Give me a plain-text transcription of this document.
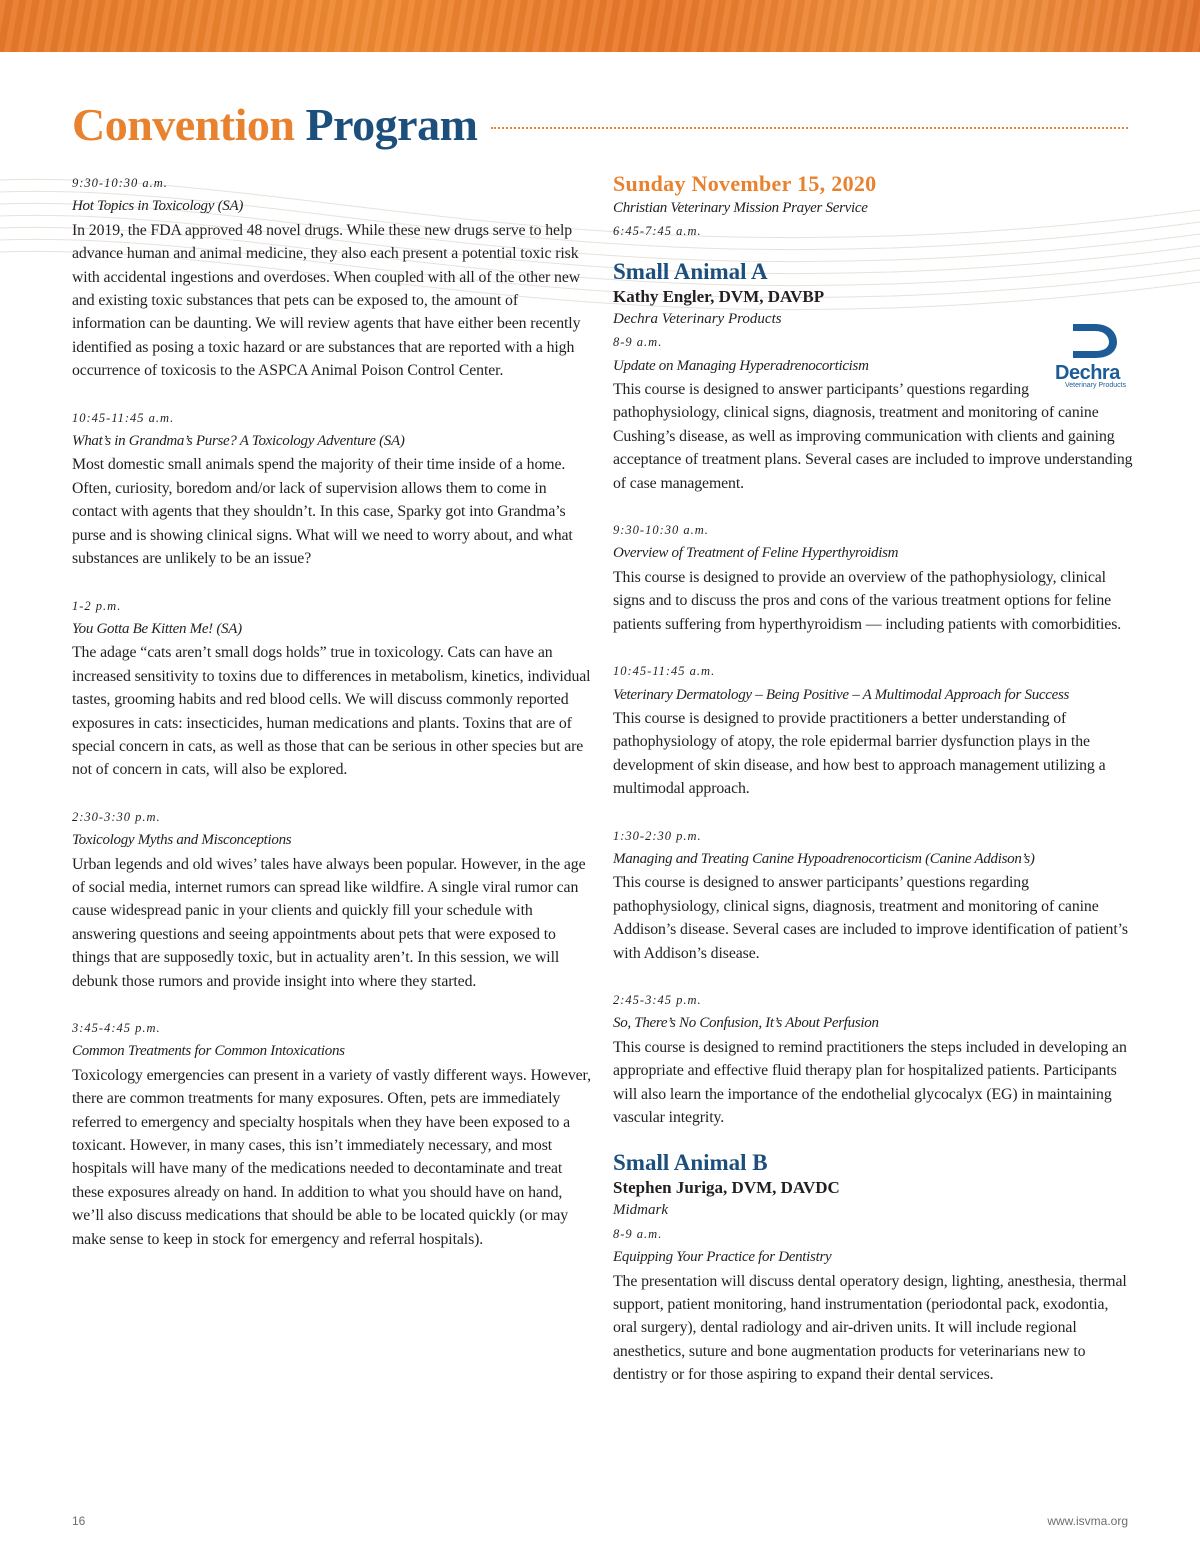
Convention Program
9:30-10:30 a.m.
Hot Topics in Toxicology (SA)
In 2019, the FDA approved 48 novel drugs. While these new drugs serve to help advance human and animal medicine, they also each present a potential toxic risk with accidental ingestions and overdoses. When coupled with all of the other new and existing toxic substances that pets can be exposed to, the amount of information can be daunting. We will review agents that have either been recently identified as posing a toxic hazard or are substances that are reported with a high occurrence of toxicosis to the ASPCA Animal Poison Control Center.
10:45-11:45 a.m.
What’s in Grandma’s Purse? A Toxicology Adventure (SA)
Most domestic small animals spend the majority of their time inside of a home. Often, curiosity, boredom and/or lack of supervision allows them to come in contact with agents that they shouldn’t. In this case, Sparky got into Grandma’s purse and is showing clinical signs. What will we need to worry about, and what substances are unlikely to be an issue?
1-2 p.m.
You Gotta Be Kitten Me! (SA)
The adage “cats aren’t small dogs holds” true in toxicology. Cats can have an increased sensitivity to toxins due to differences in metabolism, kinetics, individual tastes, grooming habits and red blood cells. We will discuss commonly reported exposures in cats: insecticides, human medications and plants. Toxins that are of special concern in cats, as well as those that can be serious in other species but are not of concern in cats, will also be explored.
2:30-3:30 p.m.
Toxicology Myths and Misconceptions
Urban legends and old wives’ tales have always been popular. However, in the age of social media, internet rumors can spread like wildfire. A single viral rumor can cause widespread panic in your clients and quickly fill your schedule with answering questions and seeing appointments about pets that were exposed to things that are supposedly toxic, but in actuality aren’t. In this session, we will debunk those rumors and provide insight into where they started.
3:45-4:45 p.m.
Common Treatments for Common Intoxications
Toxicology emergencies can present in a variety of vastly different ways. However, there are common treatments for many exposures. Often, pets are immediately referred to emergency and specialty hospitals when they have been exposed to a toxicant. However, in many cases, this isn’t immediately necessary, and most hospitals will have many of the medications needed to decontaminate and treat these exposures already on hand. In addition to what you should have on hand, we’ll also discuss medications that should be able to be located quickly (or may make sense to keep in stock for emergency and referral hospitals).
Sunday November 15, 2020
Christian Veterinary Mission Prayer Service
6:45-7:45 a.m.
Small Animal A
Kathy Engler, DVM, DAVBP
Dechra Veterinary Products
8-9 a.m.
Update on Managing Hyperadrenocorticism
This course is designed to answer participants’ questions regarding pathophysiology, clinical signs, diagnosis, treatment and monitoring of canine Cushing’s disease, as well as improving communication with clients and gaining acceptance of treatment plans. Several cases are included to improve understanding of case management.
9:30-10:30 a.m.
Overview of Treatment of Feline Hyperthyroidism
This course is designed to provide an overview of the pathophysiology, clinical signs and to discuss the pros and cons of the various treatment options for feline patients suffering from hyperthyroidism — including patients with comorbidities.
10:45-11:45 a.m.
Veterinary Dermatology – Being Positive – A Multimodal Approach for Success
This course is designed to provide practitioners a better understanding of pathophysiology of atopy, the role epidermal barrier dysfunction plays in the development of skin disease, and how best to approach management utilizing a multimodal approach.
1:30-2:30 p.m.
Managing and Treating Canine Hypoadrenocorticism (Canine Addison’s)
This course is designed to answer participants’ questions regarding pathophysiology, clinical signs, diagnosis, treatment and monitoring of canine Addison’s disease. Several cases are included to improve identification of patient’s with Addison’s disease.
2:45-3:45 p.m.
So, There’s No Confusion, It’s About Perfusion
This course is designed to remind practitioners the steps included in developing an appropriate and effective fluid therapy plan for hospitalized patients. Participants will also learn the importance of the endothelial glycocalyx (EG) in maintaining vascular integrity.
Small Animal B
Stephen Juriga, DVM, DAVDC
Midmark
8-9 a.m.
Equipping Your Practice for Dentistry
The presentation will discuss dental operatory design, lighting, anesthesia, thermal support, patient monitoring, hand instrumentation (periodontal pack, exodontia, oral surgery), dental radiology and air-driven units. It will include regional anesthetics, suture and bone augmentation products for veterinarians new to dentistry or for those aspiring to expand their dental services.
Dechra
Veterinary Products
16	www.isvma.org
